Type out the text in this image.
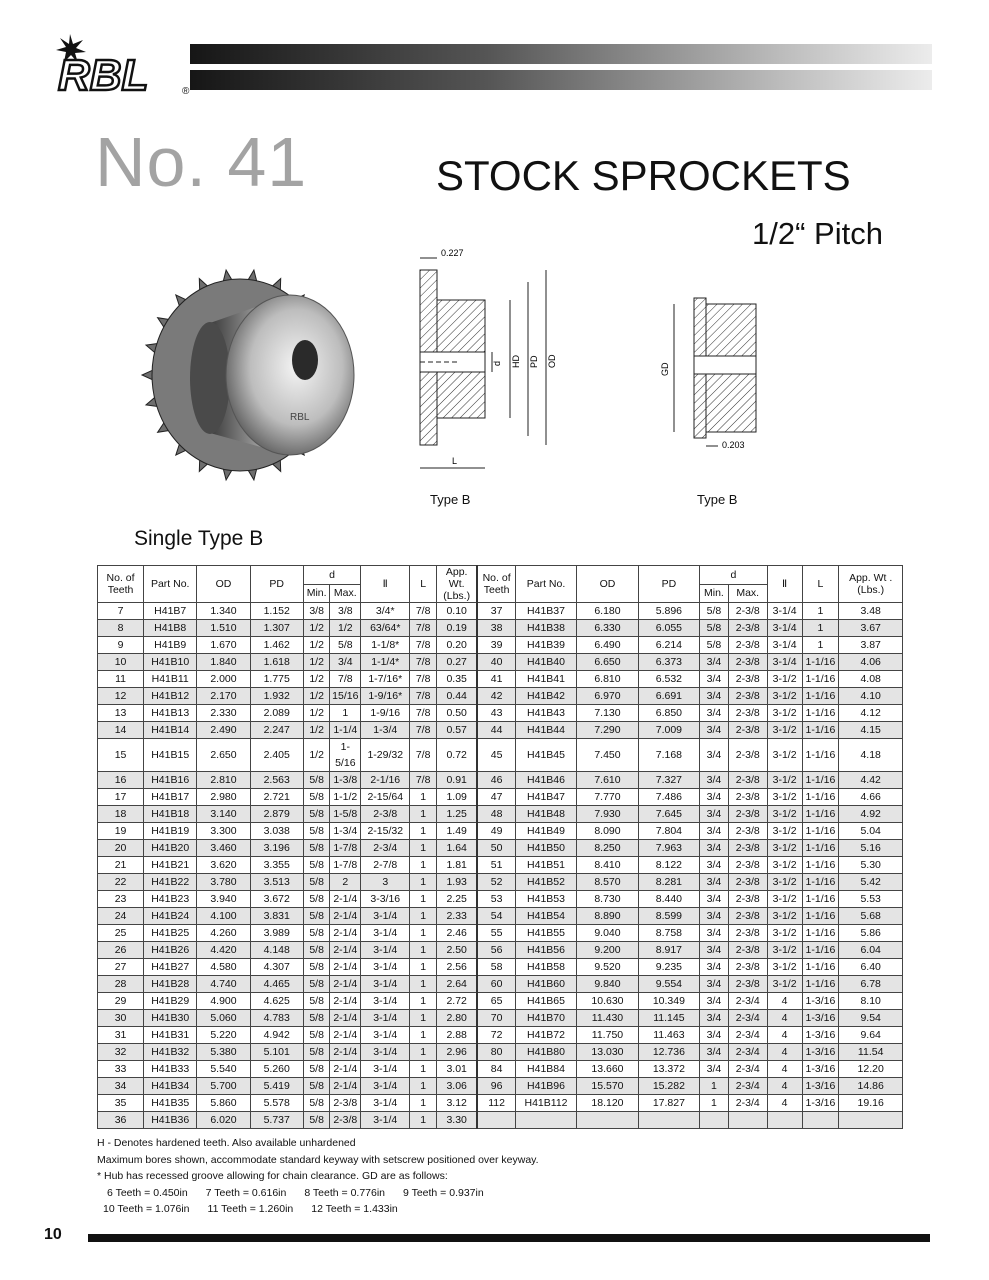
RBL	®
No. 41	STOCK SPROCKETS
1/2“ Pitch
RBL
0.227
d HD PD OD
L
GD
0.203
Type B	Type B
Single Type B
No. of
Teeth	Part No.	OD	PD	d		Ⅱ	L	App. Wt.
(Lbs.)	No. of
Teeth	Part No.	OD	PD	d		Ⅱ	L	App. Wt .
(Lbs.)
				Min.	Max.								Min.	Max.			
7	H41B7	1.340	1.152	3/8	3/8	3/4*	7/8	0.10	37	H41B37	6.180	5.896	5/8	2-3/8	3-1/4	1	3.48
8	H41B8	1.510	1.307	1/2	1/2	63/64*	7/8	0.19	38	H41B38	6.330	6.055	5/8	2-3/8	3-1/4	1	3.67
9	H41B9	1.670	1.462	1/2	5/8	1-1/8*	7/8	0.20	39	H41B39	6.490	6.214	5/8	2-3/8	3-1/4	1	3.87
10	H41B10	1.840	1.618	1/2	3/4	1-1/4*	7/8	0.27	40	H41B40	6.650	6.373	3/4	2-3/8	3-1/4	1-1/16	4.06
11	H41B11	2.000	1.775	1/2	7/8	1-7/16*	7/8	0.35	41	H41B41	6.810	6.532	3/4	2-3/8	3-1/2	1-1/16	4.08
12	H41B12	2.170	1.932	1/2	15/16	1-9/16*	7/8	0.44	42	H41B42	6.970	6.691	3/4	2-3/8	3-1/2	1-1/16	4.10
13	H41B13	2.330	2.089	1/2	1	1-9/16	7/8	0.50	43	H41B43	7.130	6.850	3/4	2-3/8	3-1/2	1-1/16	4.12
14	H41B14	2.490	2.247	1/2	1-1/4	1-3/4	7/8	0.57	44	H41B44	7.290	7.009	3/4	2-3/8	3-1/2	1-1/16	4.15
15	H41B15	2.650	2.405	1/2	1-5/16	1-29/32	7/8	0.72	45	H41B45	7.450	7.168	3/4	2-3/8	3-1/2	1-1/16	4.18
16	H41B16	2.810	2.563	5/8	1-3/8	2-1/16	7/8	0.91	46	H41B46	7.610	7.327	3/4	2-3/8	3-1/2	1-1/16	4.42
17	H41B17	2.980	2.721	5/8	1-1/2	2-15/64	1	1.09	47	H41B47	7.770	7.486	3/4	2-3/8	3-1/2	1-1/16	4.66
18	H41B18	3.140	2.879	5/8	1-5/8	2-3/8	1	1.25	48	H41B48	7.930	7.645	3/4	2-3/8	3-1/2	1-1/16	4.92
19	H41B19	3.300	3.038	5/8	1-3/4	2-15/32	1	1.49	49	H41B49	8.090	7.804	3/4	2-3/8	3-1/2	1-1/16	5.04
20	H41B20	3.460	3.196	5/8	1-7/8	2-3/4	1	1.64	50	H41B50	8.250	7.963	3/4	2-3/8	3-1/2	1-1/16	5.16
21	H41B21	3.620	3.355	5/8	1-7/8	2-7/8	1	1.81	51	H41B51	8.410	8.122	3/4	2-3/8	3-1/2	1-1/16	5.30
22	H41B22	3.780	3.513	5/8	2	3	1	1.93	52	H41B52	8.570	8.281	3/4	2-3/8	3-1/2	1-1/16	5.42
23	H41B23	3.940	3.672	5/8	2-1/4	3-3/16	1	2.25	53	H41B53	8.730	8.440	3/4	2-3/8	3-1/2	1-1/16	5.53
24	H41B24	4.100	3.831	5/8	2-1/4	3-1/4	1	2.33	54	H41B54	8.890	8.599	3/4	2-3/8	3-1/2	1-1/16	5.68
25	H41B25	4.260	3.989	5/8	2-1/4	3-1/4	1	2.46	55	H41B55	9.040	8.758	3/4	2-3/8	3-1/2	1-1/16	5.86
26	H41B26	4.420	4.148	5/8	2-1/4	3-1/4	1	2.50	56	H41B56	9.200	8.917	3/4	2-3/8	3-1/2	1-1/16	6.04
27	H41B27	4.580	4.307	5/8	2-1/4	3-1/4	1	2.56	58	H41B58	9.520	9.235	3/4	2-3/8	3-1/2	1-1/16	6.40
28	H41B28	4.740	4.465	5/8	2-1/4	3-1/4	1	2.64	60	H41B60	9.840	9.554	3/4	2-3/8	3-1/2	1-1/16	6.78
29	H41B29	4.900	4.625	5/8	2-1/4	3-1/4	1	2.72	65	H41B65	10.630	10.349	3/4	2-3/4	4	1-3/16	8.10
30	H41B30	5.060	4.783	5/8	2-1/4	3-1/4	1	2.80	70	H41B70	11.430	11.145	3/4	2-3/4	4	1-3/16	9.54
31	H41B31	5.220	4.942	5/8	2-1/4	3-1/4	1	2.88	72	H41B72	11.750	11.463	3/4	2-3/4	4	1-3/16	9.64
32	H41B32	5.380	5.101	5/8	2-1/4	3-1/4	1	2.96	80	H41B80	13.030	12.736	3/4	2-3/4	4	1-3/16	11.54
33	H41B33	5.540	5.260	5/8	2-1/4	3-1/4	1	3.01	84	H41B84	13.660	13.372	3/4	2-3/4	4	1-3/16	12.20
34	H41B34	5.700	5.419	5/8	2-1/4	3-1/4	1	3.06	96	H41B96	15.570	15.282	1	2-3/4	4	1-3/16	14.86
35	H41B35	5.860	5.578	5/8	2-3/8	3-1/4	1	3.12	112	H41B112	18.120	17.827	1	2-3/4	4	1-3/16	19.16
36	H41B36	6.020	5.737	5/8	2-3/8	3-1/4	1	3.30									
H - Denotes hardened teeth. Also available unhardened
Maximum bores shown, accommodate standard keyway with setscrew positioned over keyway.
* Hub has recessed groove allowing for chain clearance. GD are as follows:
6 Teeth = 0.450in 7 Teeth = 0.616in 8 Teeth = 0.776in 9 Teeth = 0.937in
10 Teeth = 1.076in 11 Teeth = 1.260in 12 Teeth = 1.433in
10
